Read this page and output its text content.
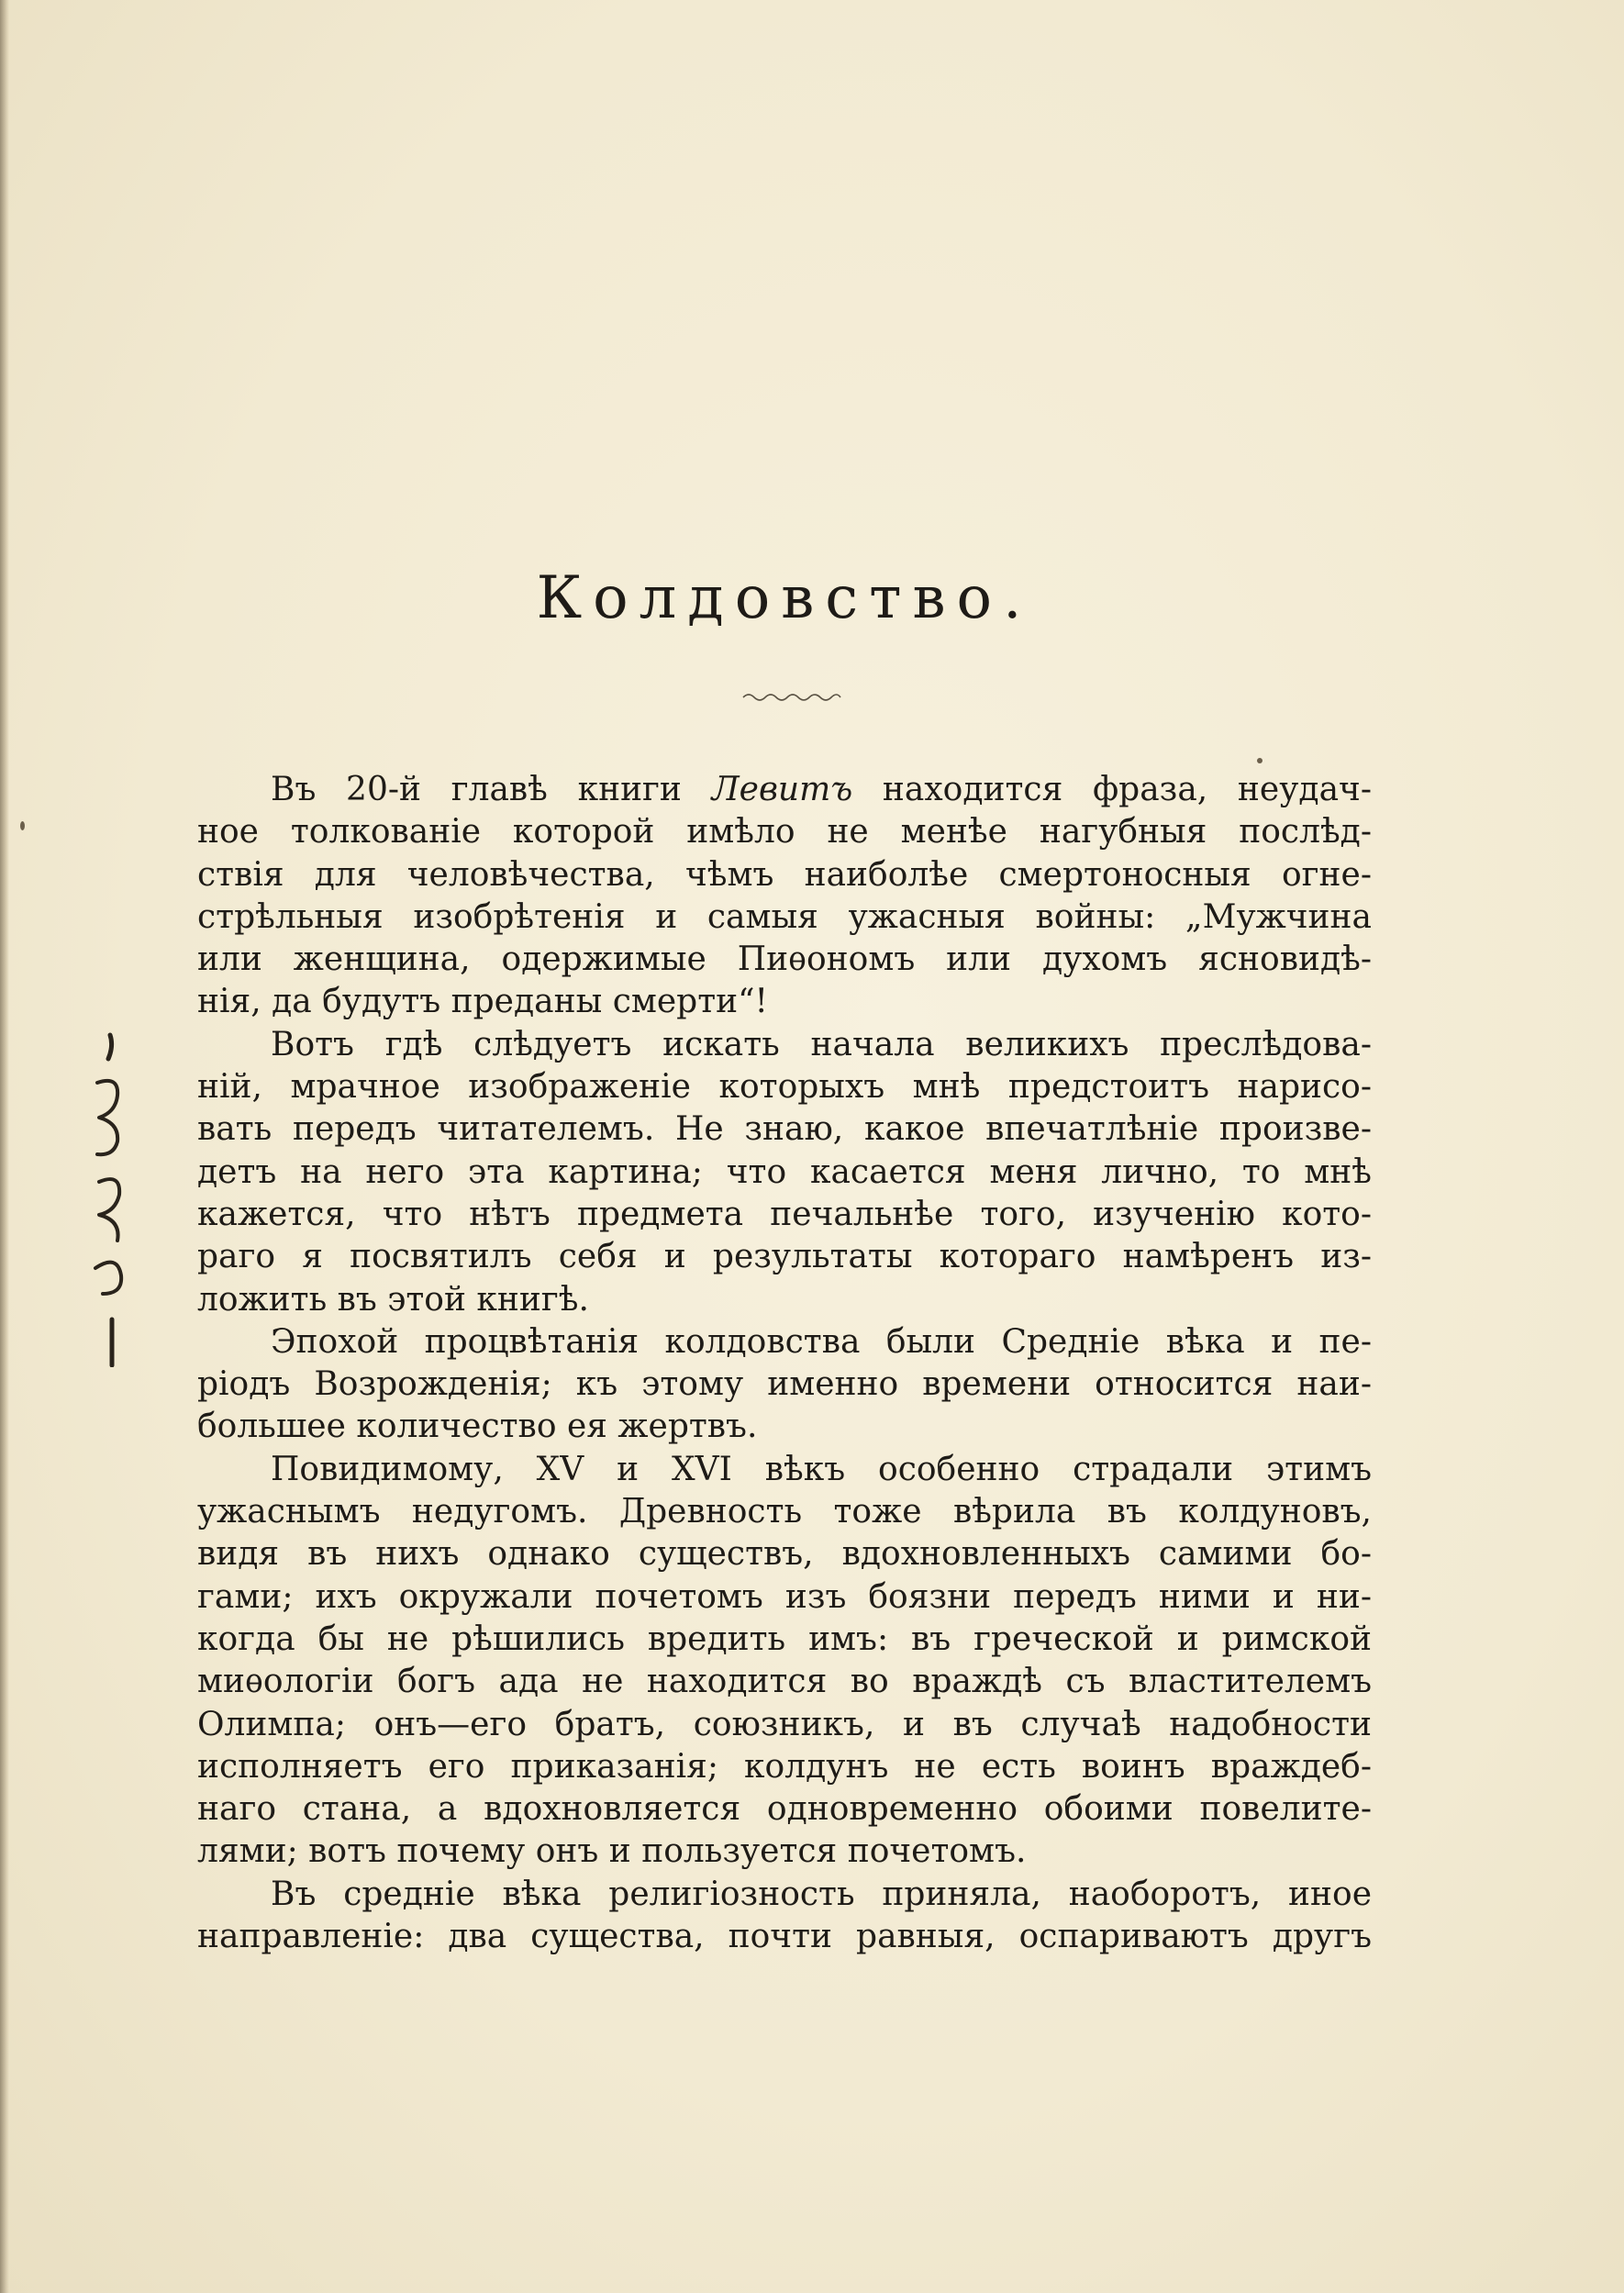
Колдовство.
Въ 20-й главѣ книги Левитъ находится фраза, неудач-
ное толкованіе которой имѣло не менѣе нагубныя послѣд-
ствія для человѣчества, чѣмъ наиболѣе смертоносныя огне-
стрѣльныя изобрѣтенія и самыя ужасныя войны: „Мужчина
или женщина, одержимые Пиѳономъ или духомъ ясновидѣ-
нія, да будутъ преданы смерти“!
Вотъ гдѣ слѣдуетъ искать начала великихъ преслѣдова-
ній, мрачное изображеніе которыхъ мнѣ предстоитъ нарисо-
вать передъ читателемъ. Не знаю, какое впечатлѣніе произве-
детъ на него эта картина; что касается меня лично, то мнѣ
кажется, что нѣтъ предмета печальнѣе того, изученію кото-
раго я посвятилъ себя и результаты котораго намѣренъ из-
ложить въ этой книгѣ.
Эпохой процвѣтанія колдовства были Средніе вѣка и пе-
ріодъ Возрожденія; къ этому именно времени относится наи-
большее количество ея жертвъ.
Повидимому, XV и XVI вѣкъ особенно страдали этимъ
ужаснымъ недугомъ. Древность тоже вѣрила въ колдуновъ,
видя въ нихъ однако существъ, вдохновленныхъ самими бо-
гами; ихъ окружали почетомъ изъ боязни передъ ними и ни-
когда бы не рѣшились вредить имъ: въ греческой и римской
миѳологіи богъ ада не находится во враждѣ съ властителемъ
Олимпа; онъ—его братъ, союзникъ, и въ случаѣ надобности
исполняетъ его приказанія; колдунъ не есть воинъ враждеб-
наго стана, а вдохновляется одновременно обоими повелите-
лями; вотъ почему онъ и пользуется почетомъ.
Въ средніе вѣка религіозность приняла, наоборотъ, иное
направленіе: два существа, почти равныя, оспариваютъ другъ
